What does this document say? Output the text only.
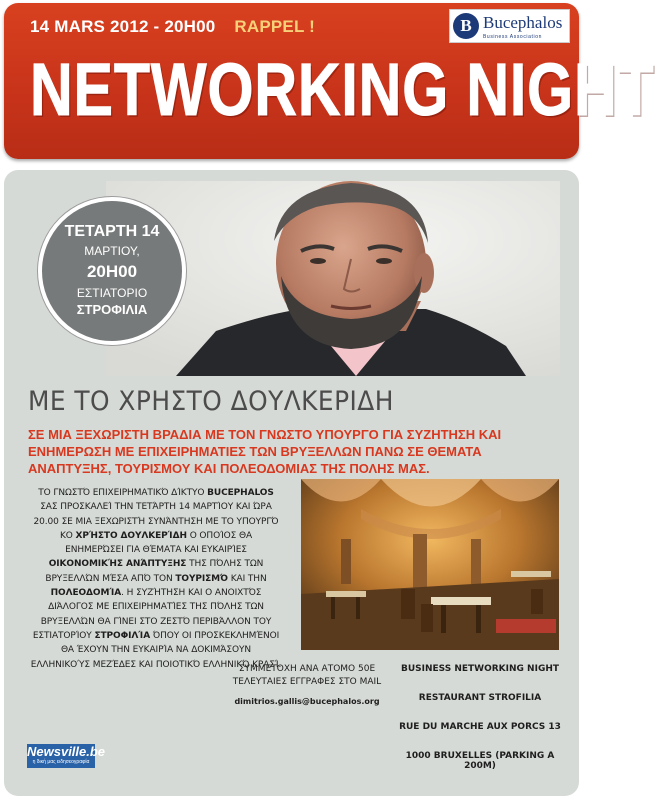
14 MARS 2012 - 20H00 RAPPEL !	B Bucephalos
Business Association
NETWORKING NIGHT
ΤΕΤΑΡΤΗ 14
ΜΑΡΤΙΟΥ,
20H00
ΕΣΤΙΑΤΟΡΙΟ
ΣΤΡΟΦΙΛΙΑ
ΜΕ ΤΟ ΧΡΗΣΤΟ ΔΟΥΛΚΕΡΙΔΗ
ΣΕ ΜΙΑ ΞΕΧΩΡΙΣΤΗ ΒΡΑΔΙΑ ΜΕ ΤΟΝ ΓΝΩΣΤΟ ΥΠΟΥΡΓΟ ΓΙΑ ΣΥΖΗΤΗΣΗ ΚΑΙ ΕΝΗΜΕΡΩΣΗ ΜΕ ΕΠΙΧΕΙΡΗΜΑΤΙΕΣ ΤΩΝ ΒΡΥΞΕΛΛΩΝ ΠΑΝΩ ΣΕ ΘΕΜΑΤΑ ΑΝΑΠΤΥΞΗΣ, ΤΟΥΡΙΣΜΟΥ ΚΑΙ ΠΟΛΕΟΔΟΜΙΑΣ ΤΗΣ ΠΟΛΗΣ ΜΑΣ.
ΤΟ ΓΝΩΣΤΌ ΕΠΙΧΕΙΡΗΜΑΤΙΚΌ ΔΊΚΤΥΟ BUCEPHALOS ΣΑΣ ΠΡΟΣΚΑΛΕΊ ΤΗΝ ΤΕΤΆΡΤΗ 14 ΜΑΡΤΊΟΥ ΚΑΙ ΏΡΑ 20.00 ΣΕ ΜΙΑ ΞΕΧΩΡΙΣΤΉ ΣΥΝΆΝΤΗΣΗ ΜΕ ΤΟ ΥΠΟΥΡΓΌ ΚΟ ΧΡΉΣΤΟ ΔΟΥΛΚΕΡΊΔΗ Ο ΟΠΟΊΟΣ ΘΑ ΕΝΗΜΕΡΏΣΕΙ ΓΙΑ ΘΈΜΑΤΑ ΚΑΙ ΕΥΚΑΙΡΊΕΣ ΟΙΚΟΝΟΜΙΚΉΣ ΑΝΆΠΤΥΞΗΣ ΤΗΣ ΠΌΛΗΣ ΤΩΝ ΒΡΥΞΕΛΛΏΝ ΜΈΣΑ ΑΠΌ ΤΟΝ ΤΟΥΡΙΣΜΌ ΚΑΙ ΤΗΝ ΠΟΛΕΟΔΟΜΊΑ. Η ΣΥΖΉΤΗΣΗ ΚΑΙ Ο ΑΝΟΙΧΤΌΣ ΔΙΆΛΟΓΟΣ ΜΕ ΕΠΙΧΕΙΡΗΜΑΤΊΕΣ ΤΗΣ ΠΌΛΗΣ ΤΩΝ ΒΡΥΞΕΛΛΏΝ ΘΑ ΓΊΝΕΙ ΣΤΟ ΖΕΣΤΌ ΠΕΡΙΒΆΛΛΟΝ ΤΟΥ ΕΣΤΙΑΤΟΡΊΟΥ ΣΤΡΟΦΙΛΊΑ ΌΠΟΥ ΟΙ ΠΡΟΣΚΕΚΛΗΜΈΝΟΙ ΘΑ ΈΧΟΥΝ ΤΗΝ ΕΥΚΑΙΡΊΑ ΝΑ ΔΟΚΙΜΆΣΟΥΝ ΕΛΛΗΝΙΚΟΎΣ ΜΕΖΈΔΕΣ ΚΑΙ ΠΟΙΟΤΙΚΌ ΕΛΛΗΝΙΚΌ ΚΡΑΣΊ.
ΣΥΜΜΕΤΟΧΗ ΑΝΑ ΑΤΟΜΟ 50E
ΤΕΛΕΥΤΑΙΕΣ ΕΓΓΡΑΦΕΣ ΣΤΟ MAIL
dimitrios.gallis@bucephalos.org
BUSINESS NETWORKING NIGHT
RESTAURANT STROFILIA
RUE DU MARCHE AUX PORCS 13
1000 BRUXELLES (PARKING A 200M)
Newsville.be
η δική μας ειδησεογραφία
